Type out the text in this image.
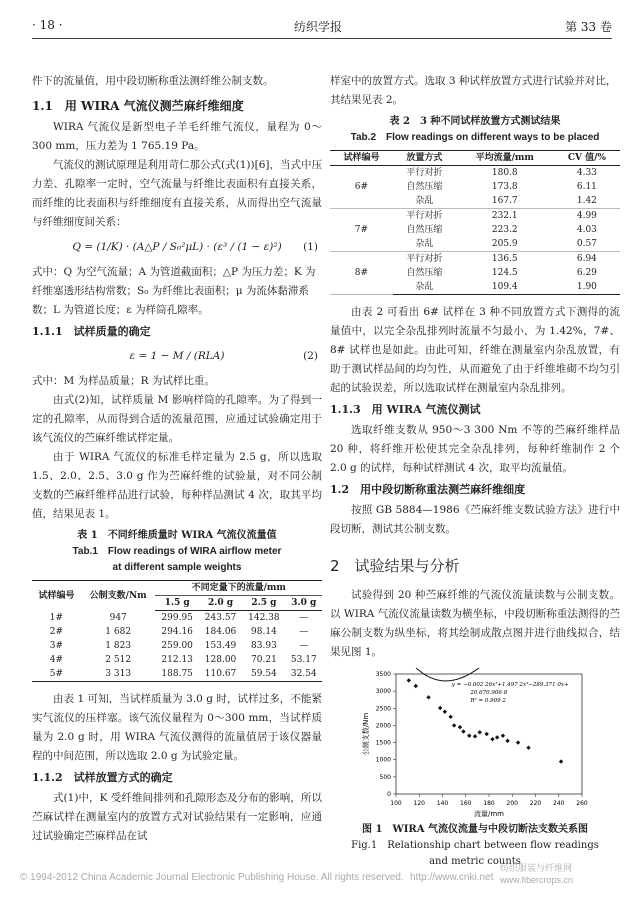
· 18 ·	纺织学报	第 33 卷

件下的流量值，用中段切断称重法测纤维公制支数。

1.1　用 WIRA 气流仪测苎麻纤维细度

WIRA 气流仪是新型电子羊毛纤维气流仪，量程为 0～300 mm，压力差为 1 765.19 Pa。

气流仪的测试原理是利用苛仁那公式(式(1))[6]，当式中压力差、孔隙率一定时，空气流量与纤维比表面积有直接关系，而纤维的比表面积与纤维细度有直接关系，从而得出空气流量与纤维细度间关系：

Q = (1/K) · (A△P / S₀²μL) · (ε³ / (1 − ε)²) (1)

式中：Q 为空气流量；A 为管道截面积；△P 为压力差；K 为纤维塞透形结构常数；S₀ 为纤维比表面积；μ 为流体黏滞系数；L 为管道长度；ε 为样筒孔隙率。

1.1.1　试样质量的确定

ε = 1 − M / (RLA)	(2)

式中：M 为样品质量；R 为试样比重。

由式(2)知，试样质量 M 影响样筒的孔隙率。为了得到一定的孔隙率，从而得到合适的流量范围，应通过试验确定用于该气流仪的苎麻纤维试样定量。

由于 WIRA 气流仪的标准毛样定量为 2.5 g，所以选取 1.5、2.0、2.5、3.0 g 作为苎麻纤维的试验量，对不同公制支数的苎麻纤维样品进行试验，每种样品测试 4 次，取其平均值，结果见表 1。

表 1　不同纤维质量时 WIRA 气流仪流量值

Tab.1　Flow readings of WIRA airflow meter
at different sample weights

试样编号	公制支数/Nm	不同定量下的流量/mm			
		1.5 g	2.0 g	2.5 g	3.0 g
1#	947	299.95	243.57	142.38	—
2#	1 682	294.16	184.06	98.14	—
3#	1 823	259.00	153.49	83.93	—
4#	2 512	212.13	128.00	70.21	53.17
5#	3 313	188.75	110.67	59.54	32.54

由表 1 可知，当试样质量为 3.0 g 时，试样过多，不能紧实气流仪的压样塞。该气流仪量程为 0～300 mm，当试样质量为 2.0 g 时，用 WIRA 气流仪测得的流量值居于该仪器量程的中间范围，所以选取 2.0 g 为试验定量。

1.1.2　试样放置方式的确定

式(1)中，K 受纤维间排列和孔隙形态及分布的影响，所以苎麻试样在测量室内的放置方式对试验结果有一定影响，应通过试验确定苎麻样品在试

样室中的放置方式。选取 3 种试样放置方式进行试验并对比，其结果见表 2。

表 2　3 种不同试样放置方式测试结果

Tab.2　Flow readings on different ways to be placed

试样编号	放置方式	平均流量/mm	CV 值/%
6#	平行对折	180.8	4.33
	自然压缩	173.8	6.11
	杂乱	167.7	1.42
7#	平行对折	232.1	4.99
	自然压缩	223.2	4.03
	杂乱	205.9	0.57
8#	平行对折	136.5	6.94
	自然压缩	124.5	6.29
	杂乱	109.4	1.90

由表 2 可看出 6# 试样在 3 种不同放置方式下测得的流量值中，以完全杂乱排列时流量不匀最小，为 1.42%，7#、8# 试样也是如此。由此可知，纤维在测量室内杂乱放置，有助于测试样品间的均匀性，从而避免了由于纤维堆砌不均匀引起的试验误差，所以选取试样在测量室内杂乱排列。

1.1.3　用 WIRA 气流仪测试

选取纤维支数从 950～3 300 Nm 不等的苎麻纤维样品 20 种，将纤维开松使其完全杂乱排列，每种纤维制作 2 个 2.0 g 的试样，每种试样测试 4 次，取平均流量值。

1.2　用中段切断称重法测苎麻纤维细度

按照 GB 5884—1986《苎麻纤维支数试验方法》进行中段切断，测试其公制支数。

2　试验结果与分析

试验得到 20 种苎麻纤维的气流仪流量读数与公制支数。以 WIRA 气流仪流量读数为横坐标，中段切断称重法测得的苎麻公制支数为纵坐标，将其绘制成散点图并进行曲线拟合，结果见图 1。

100 120 140 160 180 200 220 240 260
0
500
1000
1500
2000
2500
3000
3500
流量/mm
公制支数/Nm
y = −0.002 26x³+1.497 2x²−289.371 0x+
20 670.906 8
R² = 0.909 2

图 1　WIRA 气流仪流量与中段切断法支数关系图

Fig.1　Relationship chart between flow readings
and metric counts

© 1994-2012 China Academic Journal Electronic Publishing House. All rights reserved. http://www.cnki.net
纺织服装与纤维网 www.fibercrops.cn
